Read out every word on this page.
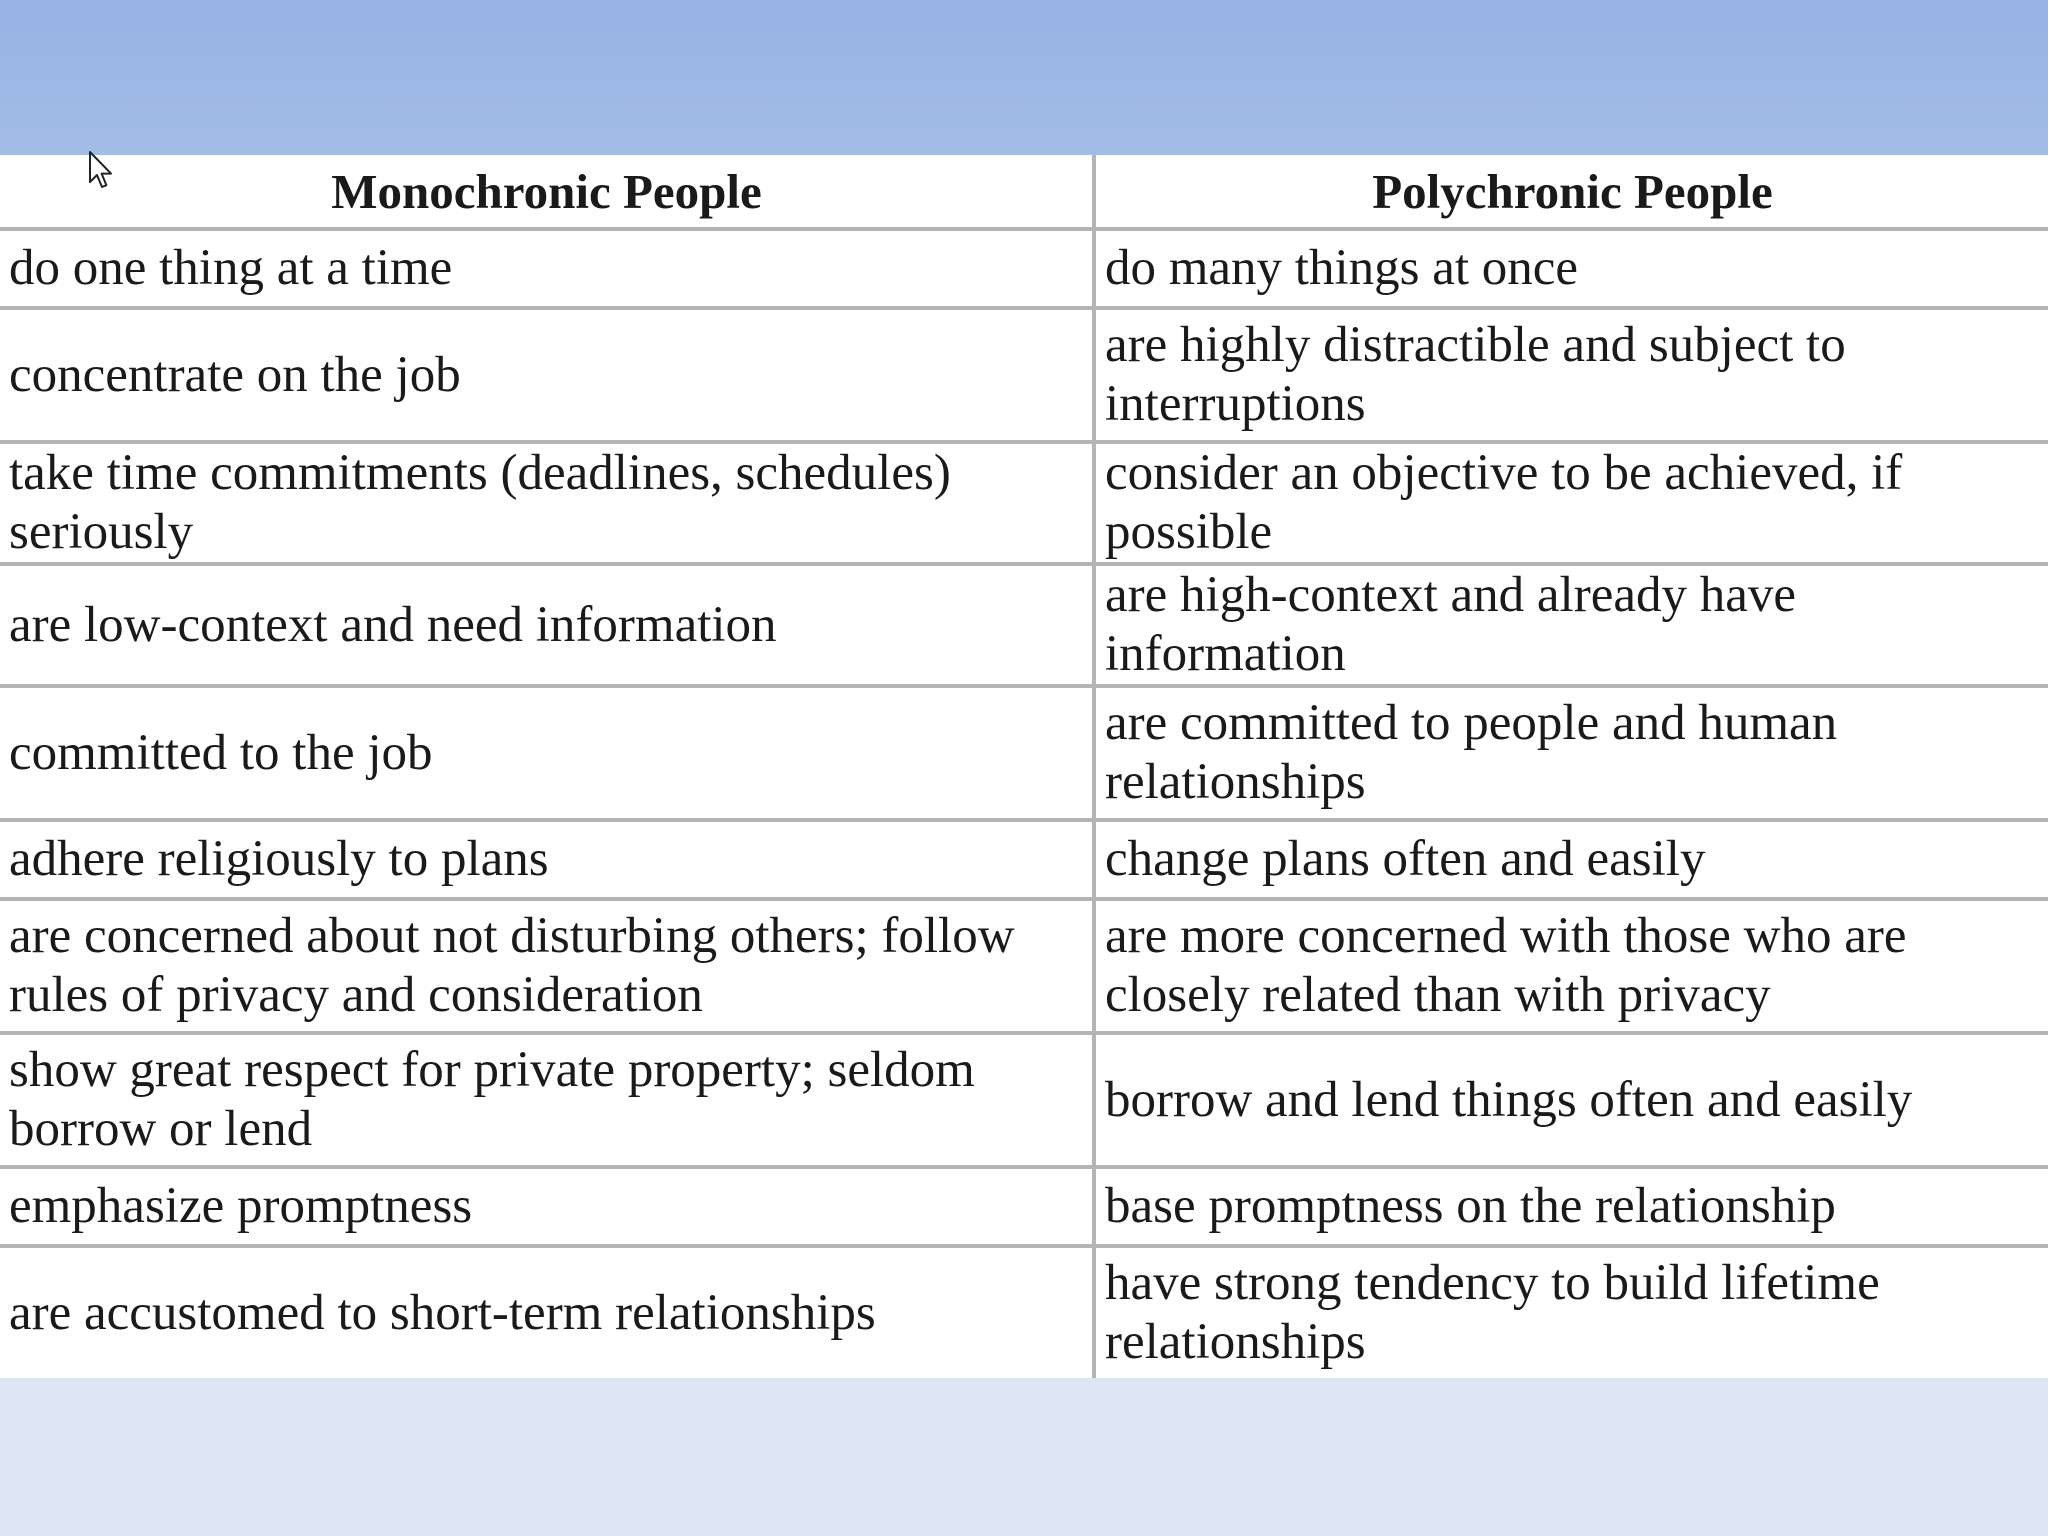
Monochronic People	Polychronic People
do one thing at a time	do many things at once
concentrate on the job	are highly distractible and subject to interruptions
take time commitments (deadlines, schedules) seriously	consider an objective to be achieved, if possible
are low-context and need information	are high-context and already have information
committed to the job	are committed to people and human relationships
adhere religiously to plans	change plans often and easily
are concerned about not disturbing others; follow rules of privacy and consideration	are more concerned with those who are closely related than with privacy
show great respect for private property; seldom borrow or lend	borrow and lend things often and easily
emphasize promptness	base promptness on the relationship
are accustomed to short-term relationships	have strong tendency to build lifetime relationships
